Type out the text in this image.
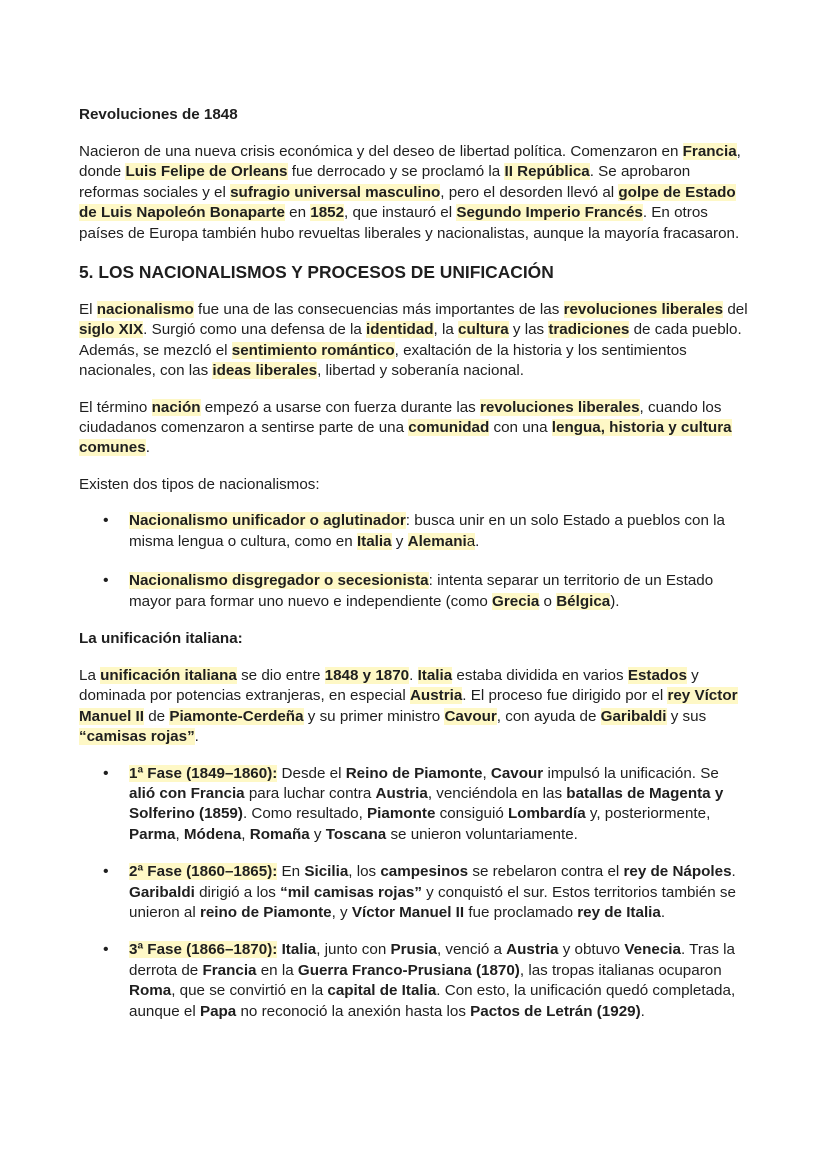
Revoluciones de 1848

Nacieron de una nueva crisis económica y del deseo de libertad política. Comenzaron en Francia, donde Luis Felipe de Orleans fue derrocado y se proclamó la II República. Se aprobaron reformas sociales y el sufragio universal masculino, pero el desorden llevó al golpe de Estado de Luis Napoleón Bonaparte en 1852, que instauró el Segundo Imperio Francés. En otros países de Europa también hubo revueltas liberales y nacionalistas, aunque la mayoría fracasaron.

5. LOS NACIONALISMOS Y PROCESOS DE UNIFICACIÓN

El nacionalismo fue una de las consecuencias más importantes de las revoluciones liberales del siglo XIX. Surgió como una defensa de la identidad, la cultura y las tradiciones de cada pueblo. Además, se mezcló el sentimiento romántico, exaltación de la historia y los sentimientos nacionales, con las ideas liberales, libertad y soberanía nacional.

El término nación empezó a usarse con fuerza durante las revoluciones liberales, cuando los ciudadanos comenzaron a sentirse parte de una comunidad con una lengua, historia y cultura comunes.

Existen dos tipos de nacionalismos:

• Nacionalismo unificador o aglutinador: busca unir en un solo Estado a pueblos con la misma lengua o cultura, como en Italia y Alemania.
• Nacionalismo disgregador o secesionista: intenta separar un territorio de un Estado mayor para formar uno nuevo e independiente (como Grecia o Bélgica).
La unificación italiana:

La unificación italiana se dio entre 1848 y 1870. Italia estaba dividida en varios Estados y dominada por potencias extranjeras, en especial Austria. El proceso fue dirigido por el rey Víctor Manuel II de Piamonte-Cerdeña y su primer ministro Cavour, con ayuda de Garibaldi y sus “camisas rojas”.

• 1ª Fase (1849–1860): Desde el Reino de Piamonte, Cavour impulsó la unificación. Se alió con Francia para luchar contra Austria, venciéndola en las batallas de Magenta y Solferino (1859). Como resultado, Piamonte consiguió Lombardía y, posteriormente, Parma, Módena, Romaña y Toscana se unieron voluntariamente.
• 2ª Fase (1860–1865): En Sicilia, los campesinos se rebelaron contra el rey de Nápoles. Garibaldi dirigió a los “mil camisas rojas” y conquistó el sur. Estos territorios también se unieron al reino de Piamonte, y Víctor Manuel II fue proclamado rey de Italia.
• 3ª Fase (1866–1870): Italia, junto con Prusia, venció a Austria y obtuvo Venecia. Tras la derrota de Francia en la Guerra Franco-Prusiana (1870), las tropas italianas ocuparon Roma, que se convirtió en la capital de Italia. Con esto, la unificación quedó completada, aunque el Papa no reconoció la anexión hasta los Pactos de Letrán (1929).
